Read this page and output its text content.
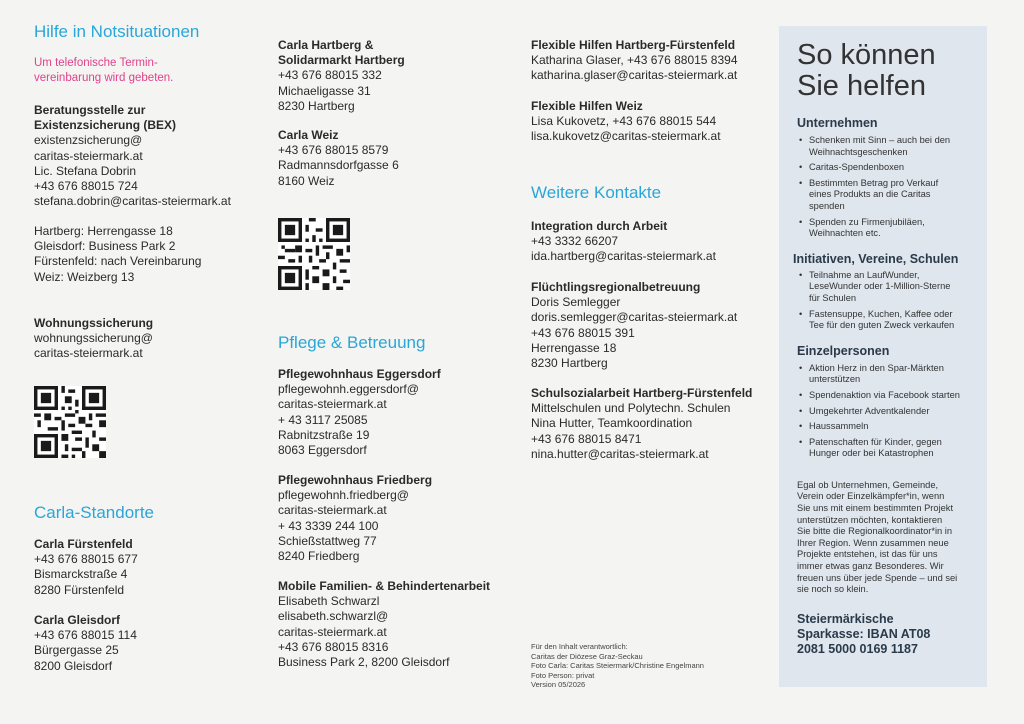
Hilfe in Notsituationen
Um telefonische Termin-
vereinbarung wird gebeten.
Beratungsstelle zur
Existenzsicherung (BEX)
existenzsicherung@
caritas-steiermark.at
Lic. Stefana Dobrin
+43 676 88015 724
stefana.dobrin@caritas-steiermark.at
Hartberg: Herrengasse 18
Gleisdorf: Business Park 2
Fürstenfeld: nach Vereinbarung
Weiz: Weizberg 13
Wohnungssicherung
wohnungssicherung@
caritas-steiermark.at
Carla-Standorte
Carla Fürstenfeld
+43 676 88015 677
Bismarckstraße 4
8280 Fürstenfeld
Carla Gleisdorf
+43 676 88015 114
Bürgergasse 25
8200 Gleisdorf
Carla Hartberg &
Solidarmarkt Hartberg
+43 676 88015 332
Michaeligasse 31
8230 Hartberg
Carla Weiz
+43 676 88015 8579
Radmannsdorfgasse 6
8160 Weiz
Pflege & Betreuung
Pflegewohnhaus Eggersdorf
pflegewohnh.eggersdorf@
caritas-steiermark.at
+ 43 3117 25085
Rabnitzstraße 19
8063 Eggersdorf
Pflegewohnhaus Friedberg
pflegewohnh.friedberg@
caritas-steiermark.at
+ 43 3339 244 100
Schießstattweg 77
8240 Friedberg
Mobile Familien- & Behindertenarbeit
Elisabeth Schwarzl
elisabeth.schwarzl@
caritas-steiermark.at
+43 676 88015 8316
Business Park 2, 8200 Gleisdorf
Flexible Hilfen Hartberg-Fürstenfeld
Katharina Glaser, +43 676 88015 8394
katharina.glaser@caritas-steiermark.at
Flexible Hilfen Weiz
Lisa Kukovetz, +43 676 88015 544
lisa.kukovetz@caritas-steiermark.at
Weitere Kontakte
Integration durch Arbeit
+43 3332 66207
ida.hartberg@caritas-steiermark.at
Flüchtlingsregionalbetreuung
Doris Semlegger
doris.semlegger@caritas-steiermark.at
+43 676 88015 391
Herrengasse 18
8230 Hartberg
Schulsozialarbeit Hartberg-Fürstenfeld
Mittelschulen und Polytechn. Schulen
Nina Hutter, Teamkoordination
+43 676 88015 8471
nina.hutter@caritas-steiermark.at
Für den Inhalt verantwortlich:
Caritas der Diözese Graz-Seckau
Foto Carla: Caritas Steiermark/Christine Engelmann
Foto Person: privat
Version 05/2026
So können
Sie helfen
Unternehmen
• Schenken mit Sinn – auch bei den
Weihnachtsgeschenken
• Caritas-Spendenboxen
• Bestimmten Betrag pro Verkauf
eines Produkts an die Caritas
spenden
• Spenden zu Firmenjubiläen,
Weihnachten etc.
Initiativen, Vereine, Schulen
• Teilnahme an LaufWunder,
LeseWunder oder 1-Million-Sterne
für Schulen
• Fastensuppe, Kuchen, Kaffee oder
Tee für den guten Zweck verkaufen
Einzelpersonen
• Aktion Herz in den Spar-Märkten
unterstützen
• Spendenaktion via Facebook starten
• Umgekehrter Adventkalender
• Haussammeln
• Patenschaften für Kinder, gegen
Hunger oder bei Katastrophen
Egal ob Unternehmen, Gemeinde,
Verein oder Einzelkämpfer*in, wenn
Sie uns mit einem bestimmten Projekt
unterstützen möchten, kontaktieren
Sie bitte die Regionalkoordinator*in in
Ihrer Region. Wenn zusammen neue
Projekte entstehen, ist das für uns
immer etwas ganz Besonderes. Wir
freuen uns über jede Spende – und sei
sie noch so klein.
Steiermärkische
Sparkasse: IBAN AT08
2081 5000 0169 1187
